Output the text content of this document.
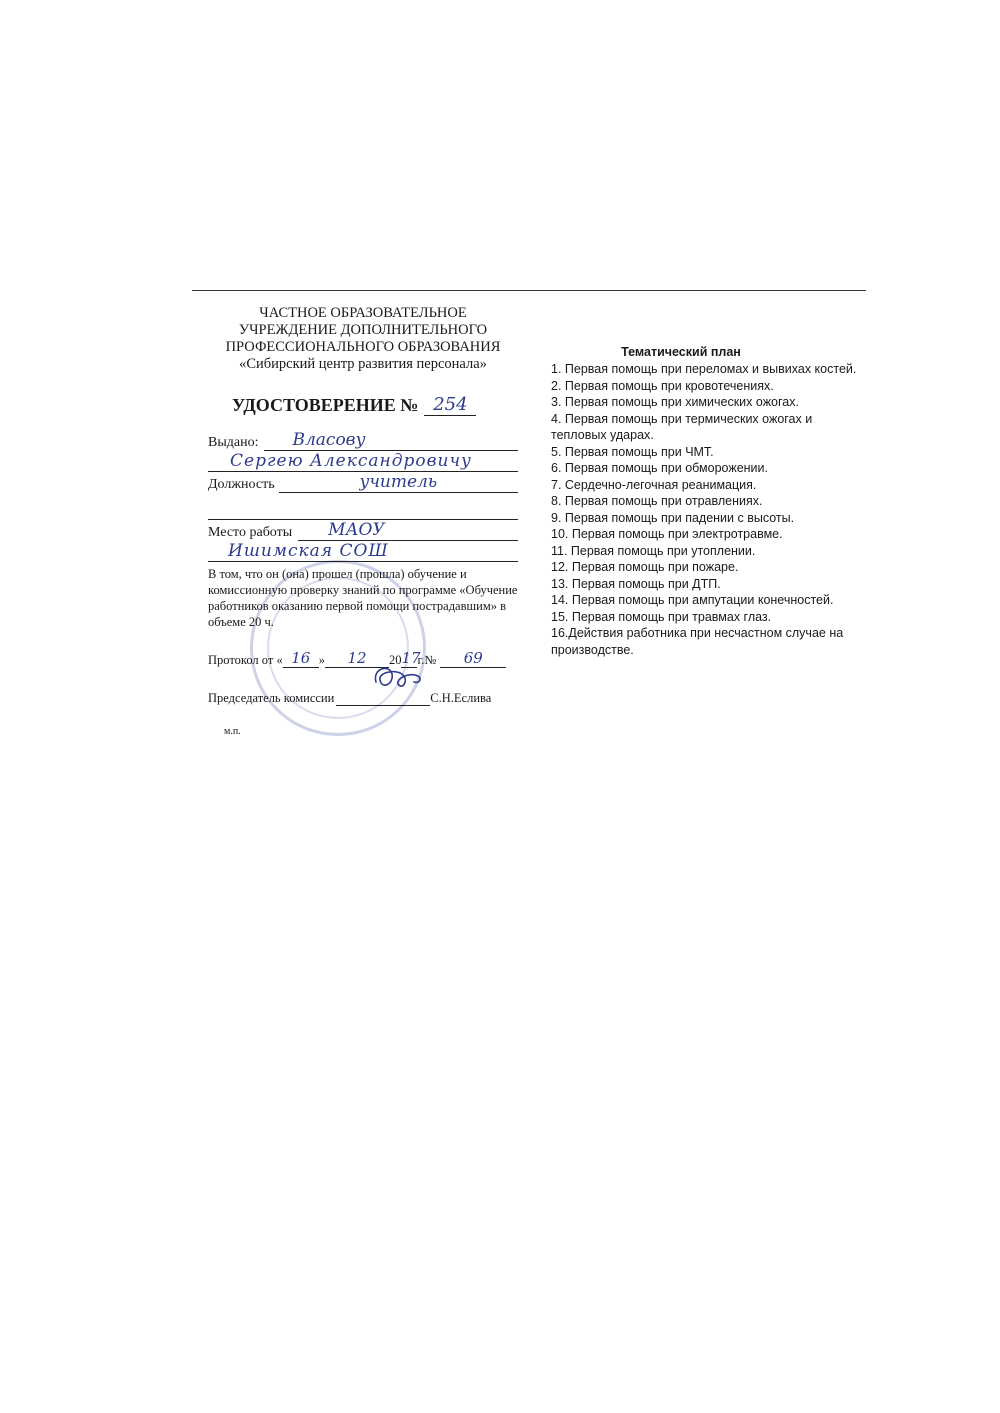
ЧАСТНОЕ ОБРАЗОВАТЕЛЬНОЕ
УЧРЕЖДЕНИЕ ДОПОЛНИТЕЛЬНОГО
ПРОФЕССИОНАЛЬНОГО ОБРАЗОВАНИЯ
«Сибирский центр развития персонала»
УДОСТОВЕРЕНИЕ № 254
Выдано:	Власову
Сергею Александровичу
Должность	учитель
Место работы	МАОУ
Ишимская СОШ
В том, что он (она) прошел (прошла) обучение и комиссионную проверку знаний по программе «Обучение работников оказанию первой помощи пострадавшим» в объеме 20 ч.
Протокол от « 16 »	12	20 17
г.№	69
Председатель комиссии	С.Н.Еслива
м.п.
Тематический план

1. Первая помощь при переломах и вывихах костей.

2. Первая помощь при кровотечениях.

3. Первая помощь при химических ожогах.

4. Первая помощь при термических ожогах и тепловых ударах.

5. Первая помощь при ЧМТ.

6. Первая помощь при обморожении.

7. Сердечно-легочная реанимация.

8. Первая помощь при отравлениях.

9. Первая помощь при падении с высоты.

10. Первая помощь при электротравме.

11. Первая помощь при утоплении.

12. Первая помощь при пожаре.

13. Первая помощь при ДТП.

14. Первая помощь при ампутации конечностей.

15. Первая помощь при травмах глаз.

16.Действия работника при несчастном случае на производстве.
